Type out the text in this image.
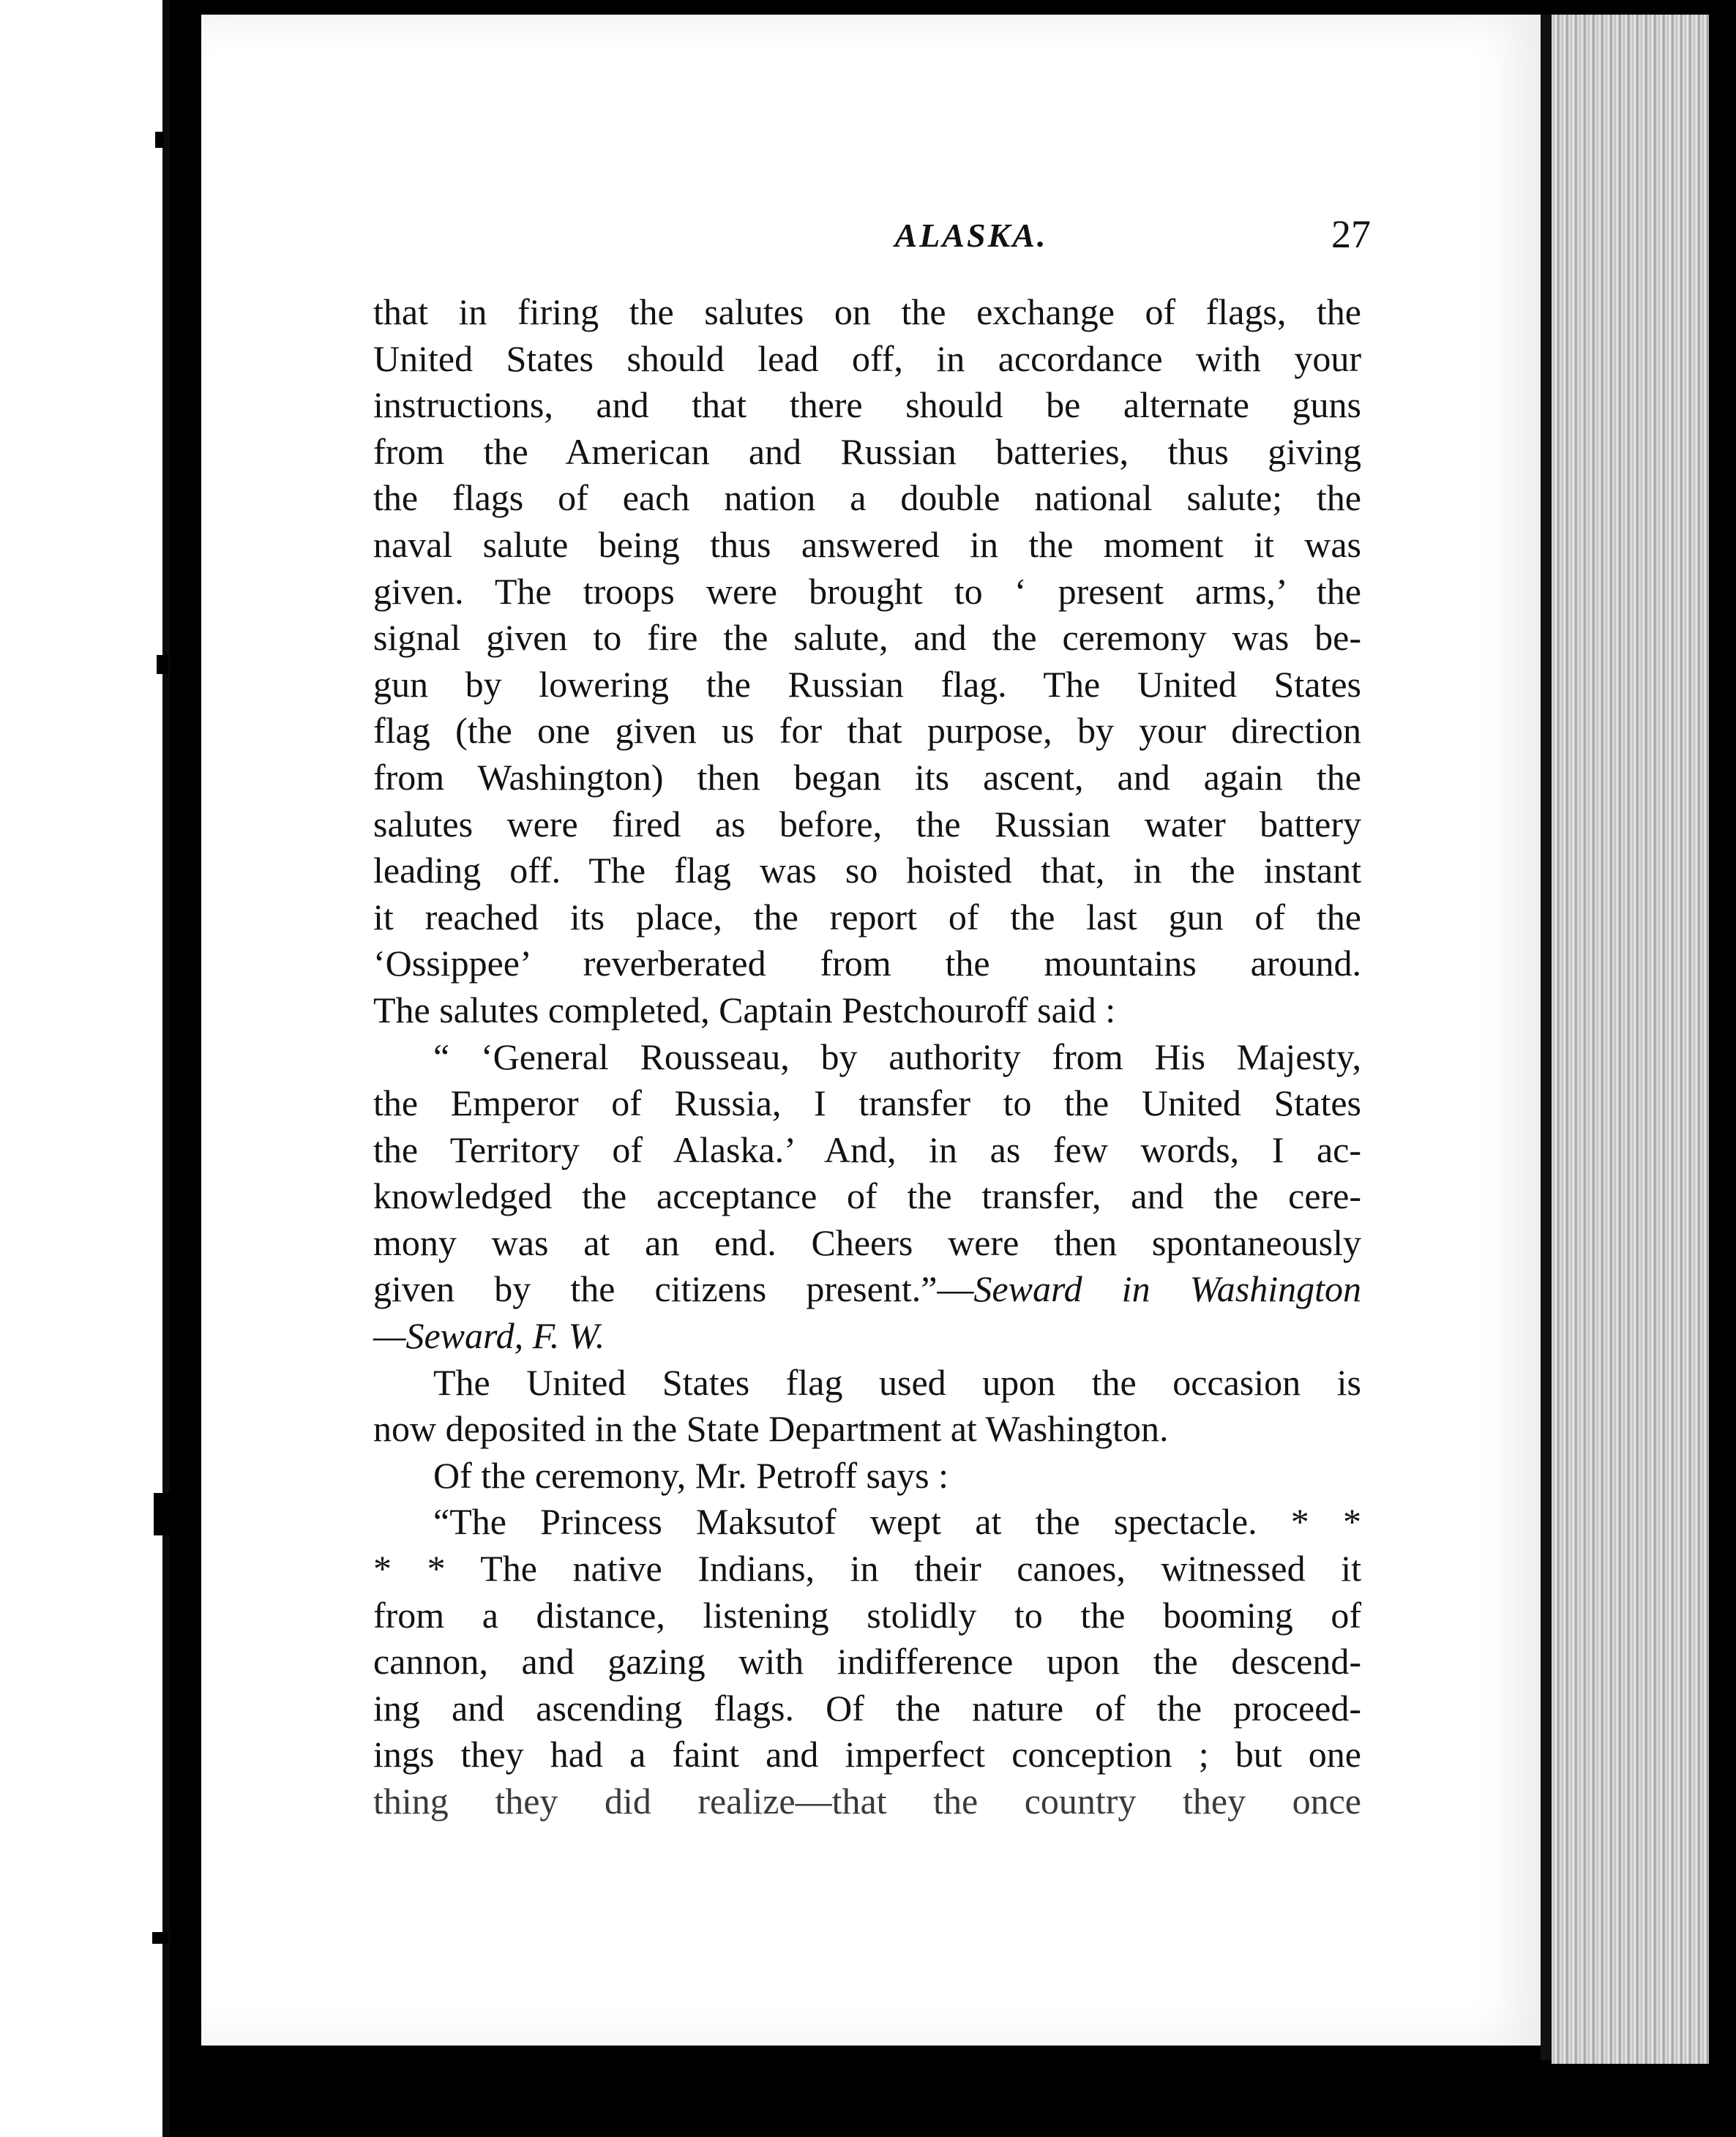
ALASKA.	27

that in firing the salutes on the exchange of flags, the

United States should lead off, in accordance with your

instructions, and that there should be alternate guns

from the American and Russian batteries, thus giving

the flags of each nation a double national salute; the

naval salute being thus answered in the moment it was

given. The troops were brought to ‘ present arms,’ the

signal given to fire the salute, and the ceremony was be-

gun by lowering the Russian flag. The United States

flag (the one given us for that purpose, by your direction

from Washington) then began its ascent, and again the

salutes were fired as before, the Russian water battery

leading off. The flag was so hoisted that, in the instant

it reached its place, the report of the last gun of the

‘Ossippee’ reverberated from the mountains around.

The salutes completed, Captain Pestchouroff said :

“ ‘General Rousseau, by authority from His Majesty,

the Emperor of Russia, I transfer to the United States

the Territory of Alaska.’ And, in as few words, I ac-

knowledged the acceptance of the transfer, and the cere-

mony was at an end. Cheers were then spontaneously

given by the citizens present.”—Seward in Washington

—Seward, F. W.

The United States flag used upon the occasion is

now deposited in the State Department at Washington.

Of the ceremony, Mr. Petroff says :

“The Princess Maksutof wept at the spectacle. * *

* * The native Indians, in their canoes, witnessed it

from a distance, listening stolidly to the booming of

cannon, and gazing with indifference upon the descend-

ing and ascending flags. Of the nature of the proceed-

ings they had a faint and imperfect conception ; but one

thing they did realize—that the country they once
